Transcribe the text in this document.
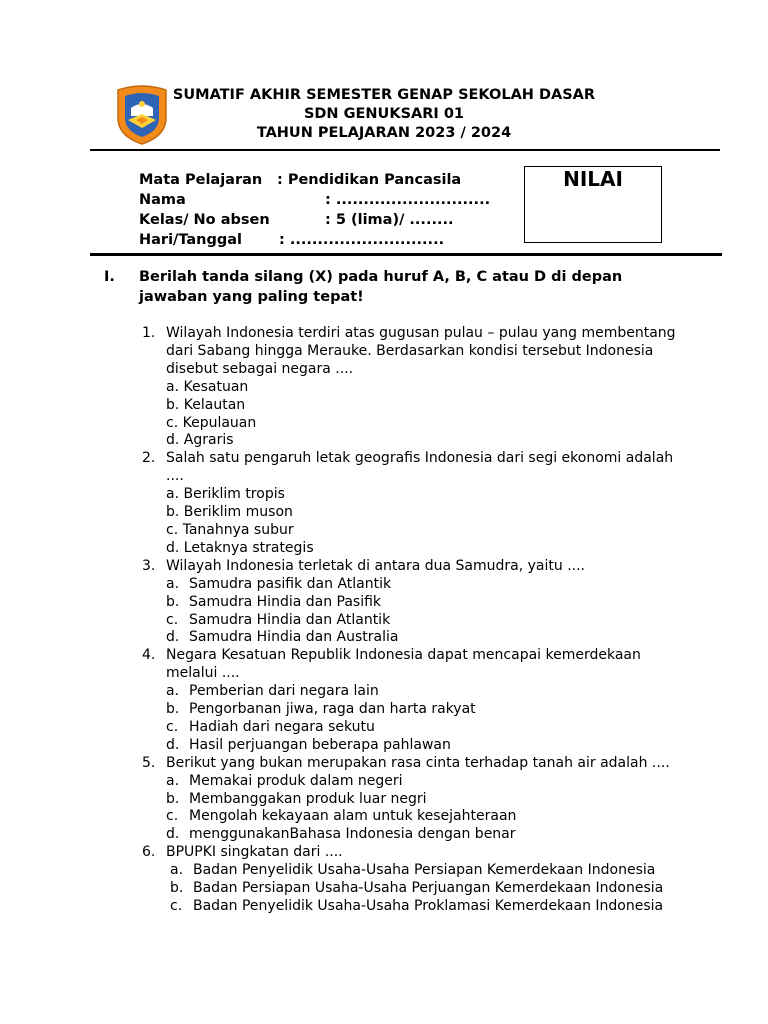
SUMATIF AKHIR SEMESTER GENAP SEKOLAH DASAR
SDN GENUKSARI 01
TAHUN PELAJARAN 2023 / 2024
Mata Pelajaran : Pendidikan Pancasila
Nama	: ............................
Kelas/ No absen	: 5 (lima)/ ........
Hari/Tanggal	: ............................
NILAI
I. Berilah tanda silang (X) pada huruf A, B, C atau D di depan jawaban yang paling tepat!
1. Wilayah Indonesia terdiri atas gugusan pulau – pulau yang membentang dari Sabang hingga Merauke. Berdasarkan kondisi tersebut Indonesia disebut sebagai negara ....
a. Kesatuan
b. Kelautan
c. Kepulauan
d. Agraris
2. Salah satu pengaruh letak geografis Indonesia dari segi ekonomi adalah ....
a. Beriklim tropis
b. Beriklim muson
c. Tanahnya subur
d. Letaknya strategis
3. Wilayah Indonesia terletak di antara dua Samudra, yaitu ....
a. Samudra pasifik dan Atlantik
b. Samudra Hindia dan Pasifik
c. Samudra Hindia dan Atlantik
d. Samudra Hindia dan Australia
4. Negara Kesatuan Republik Indonesia dapat mencapai kemerdekaan melalui ....
a. Pemberian dari negara lain
b. Pengorbanan jiwa, raga dan harta rakyat
c. Hadiah dari negara sekutu
d. Hasil perjuangan beberapa pahlawan
5. Berikut yang bukan merupakan rasa cinta terhadap tanah air adalah ....
a. Memakai produk dalam negeri
b. Membanggakan produk luar negri
c. Mengolah kekayaan alam untuk kesejahteraan
d. menggunakanBahasa Indonesia dengan benar
6. BPUPKI singkatan dari ....
a. Badan Penyelidik Usaha-Usaha Persiapan Kemerdekaan Indonesia
b. Badan Persiapan Usaha-Usaha Perjuangan Kemerdekaan Indonesia
c. Badan Penyelidik Usaha-Usaha Proklamasi Kemerdekaan Indonesia
